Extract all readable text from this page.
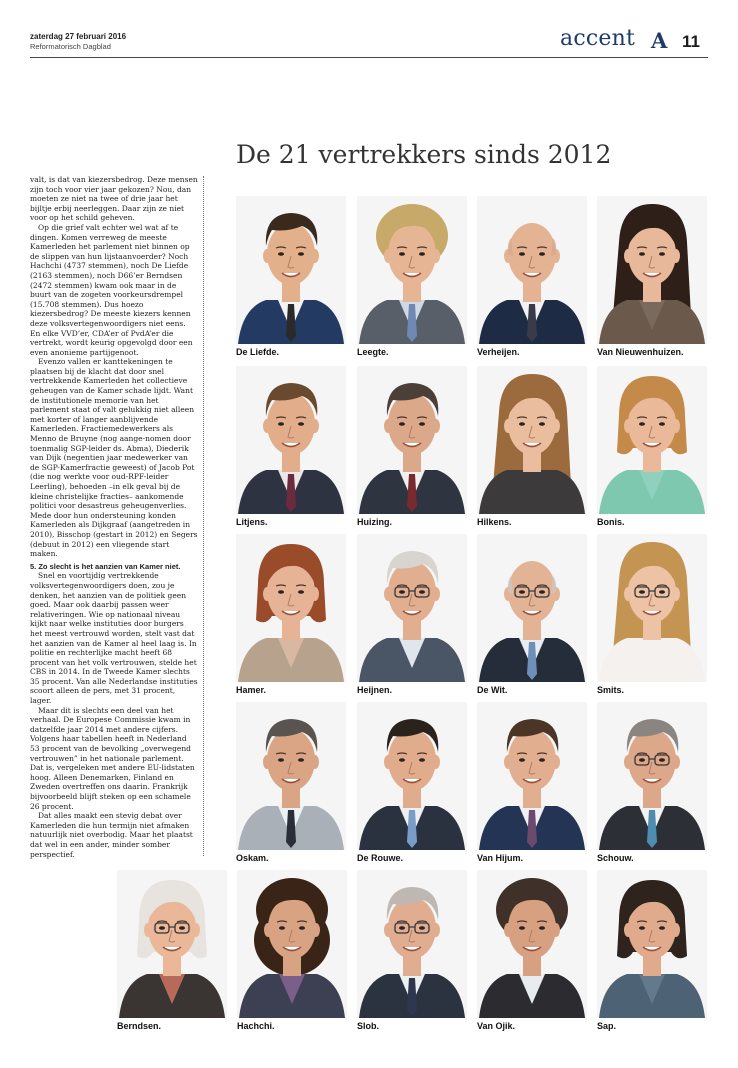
zaterdag 27 februari 2016
Reformatorisch Dagblad	accent A 11
De 21 vertrekkers sinds 2012

valt, is dat van kiezersbedrog. Deze mensen zijn toch voor vier jaar gekozen? Nou, dan moeten ze niet na twee of drie jaar het bijltje erbij neerleggen. Daar zijn ze niet voor op het schild geheven.

Op die grief valt echter wel wat af te dingen. Komen verreweg de meeste Kamerleden het parlement niet binnen op de slippen van hun lijstaanvoerder? Noch Hachchi (4737 stemmen), noch De Liefde (2163 stemmen), noch D66’er Berndsen (2472 stemmen) kwam ook maar in de buurt van de zogeten voorkeursdrempel (15.708 stemmen). Dus hoezo kiezersbedrog? De meeste kiezers kennen deze volksvertegenwoordigers niet eens. En elke VVD’er, CDA’er of PvdA’er die vertrekt, wordt keurig opgevolgd door een even anonieme partijgenoot.

Evenzo vallen er kanttekeningen te plaatsen bij de klacht dat door snel vertrekkende Kamerleden het collectieve geheugen van de Kamer schade lijdt. Want de institutionele memorie van het parlement staat of valt gelukkig niet alleen met korter of langer aanblijvende Kamerleden. Fractiemedewerkers als Menno de Bruyne (nog aange-nomen door toenmalig SGP-leider ds. Abma), Diederik van Dijk (negentien jaar medewerker van de SGP-Kamerfractie geweest) of Jacob Pot (die nog werkte voor oud-RPF-leider Leerling), behoeden –in elk geval bij de kleine christelijke fracties– aankomende politici voor desastreus geheugenverlies. Mede door hun ondersteuning konden Kamerleden als Dijkgraaf (aangetreden in 2010), Bisschop (gestart in 2012) en Segers (debuut in 2012) een vliegende start maken.

5. Zo slecht is het aanzien van Kamer niet.

Snel en voortijdig vertrekkende volksvertegenwoordigers doen, zou je denken, het aanzien van de politiek geen goed. Maar ook daarbij passen weer relativeringen. Wie op nationaal niveau kijkt naar welke instituties door burgers het meest vertrouwd worden, stelt vast dat het aanzien van de Kamer al heel laag is. In politie en rechterlijke macht heeft 68 procent van het volk vertrouwen, stelde het CBS in 2014. In de Tweede Kamer slechts 35 procent. Van alle Nederlandse instituties scoort alleen de pers, met 31 procent, lager.

Maar dit is slechts een deel van het verhaal. De Europese Commissie kwam in datzelfde jaar 2014 met andere cijfers. Volgens haar tabellen heeft in Nederland 53 procent van de bevolking „overwegend vertrouwen” in het nationale parlement. Dat is, vergeleken met andere EU-lidstaten hoog. Alleen Denemarken, Finland en Zweden overtreffen ons daarin. Frankrijk bijvoorbeeld blijft steken op een schamele 26 procent.

Dat alles maakt een stevig debat over Kamerleden die hun termijn niet afmaken natuurlijk niet overbodig. Maar het plaatst dat wel in een ander, minder somber perspectief.

De Liefde.	Leegte.	Verheijen.	Van Nieuwenhuizen.
Litjens.	Huizing.	Hilkens.	Bonis.
Hamer.	Heijnen.	De Wit.	Smits.
Oskam.	De Rouwe.	Van Hijum.	Schouw.
Berndsen.	Hachchi.	Slob.	Van Ojik.	Sap.
